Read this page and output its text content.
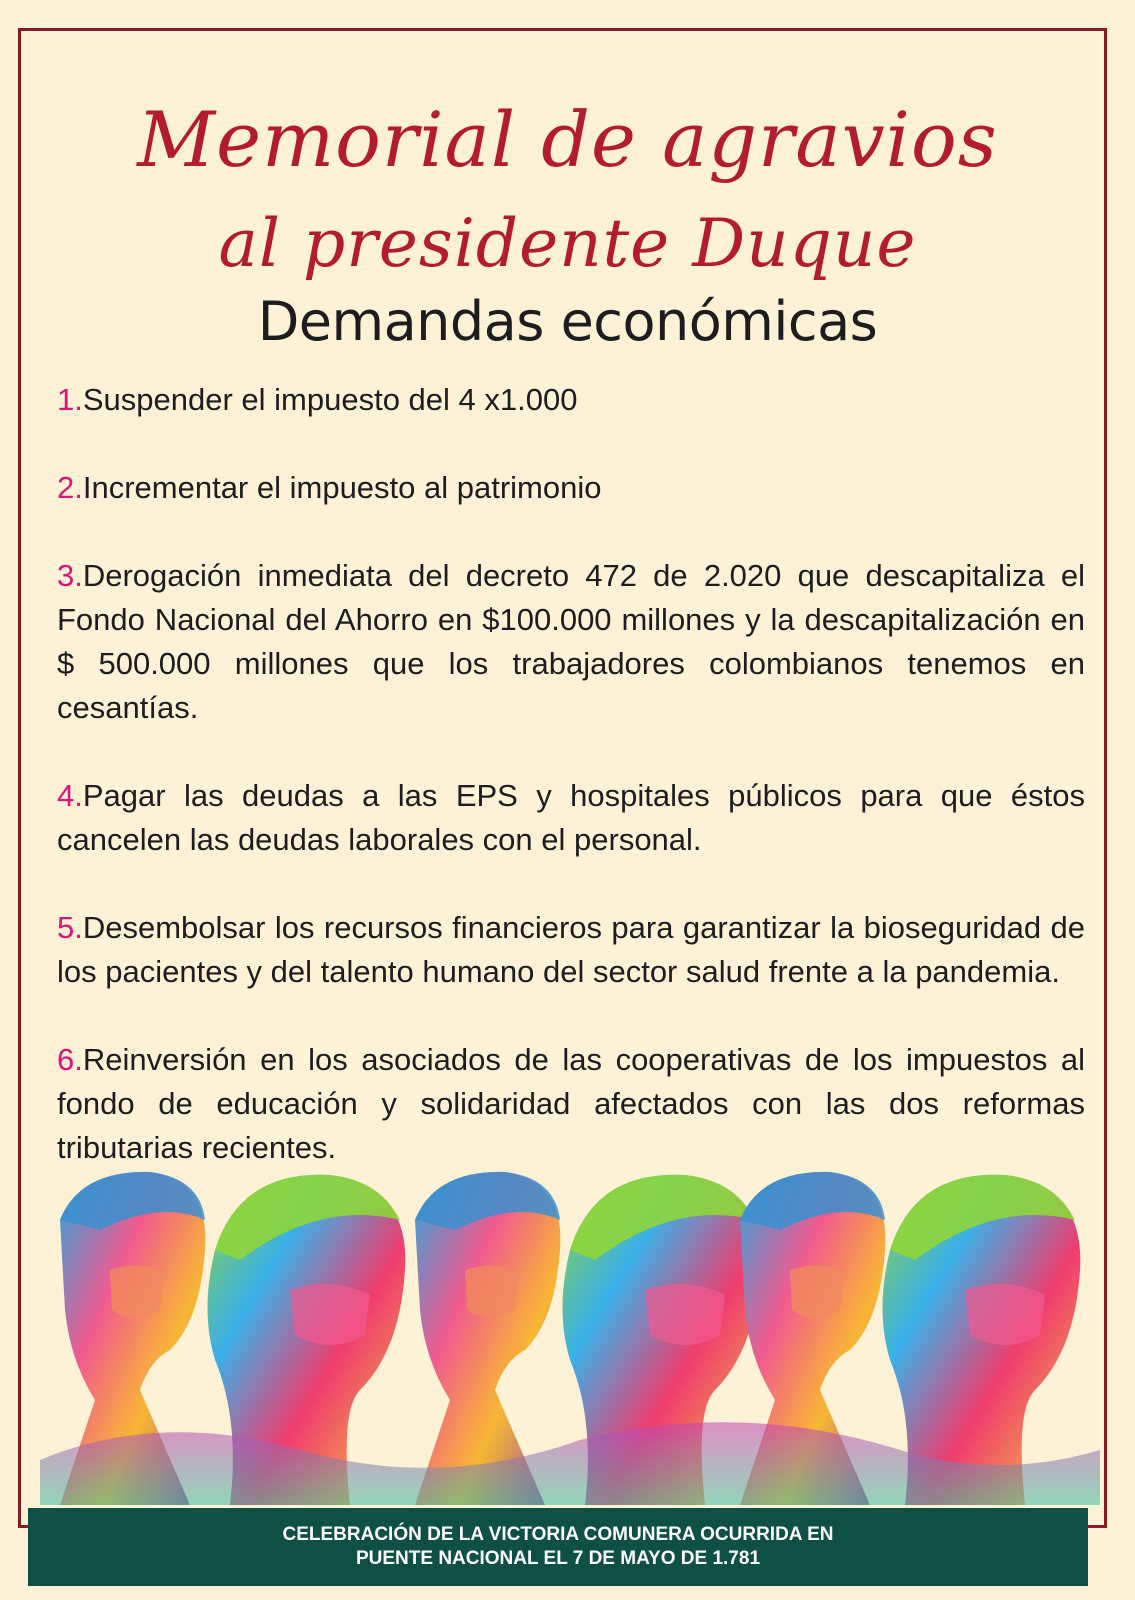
Memorial de agravios
al presidente Duque
Demandas económicas

1.Suspender el impuesto del 4 x1.000

2.Incrementar el impuesto al patrimonio

3.Derogación inmediata del decreto 472 de 2.020 que descapitaliza el Fondo Nacional del Ahorro en $100.000 millones y la descapitalización en $ 500.000 millones que los trabajadores colombianos tenemos en cesantías.

4.Pagar las deudas a las EPS y hospitales públicos para que éstos cancelen las deudas laborales con el personal.

5.Desembolsar los recursos financieros para garantizar la bioseguridad de los pacientes y del talento humano del sector salud frente a la pandemia.

6.Reinversión en los asociados de las cooperativas de los impuestos al fondo de educación y solidaridad afectados con las dos reformas tributarias recientes.

CELEBRACIÓN DE LA VICTORIA COMUNERA OCURRIDA EN
PUENTE NACIONAL EL 7 DE MAYO DE 1.781
